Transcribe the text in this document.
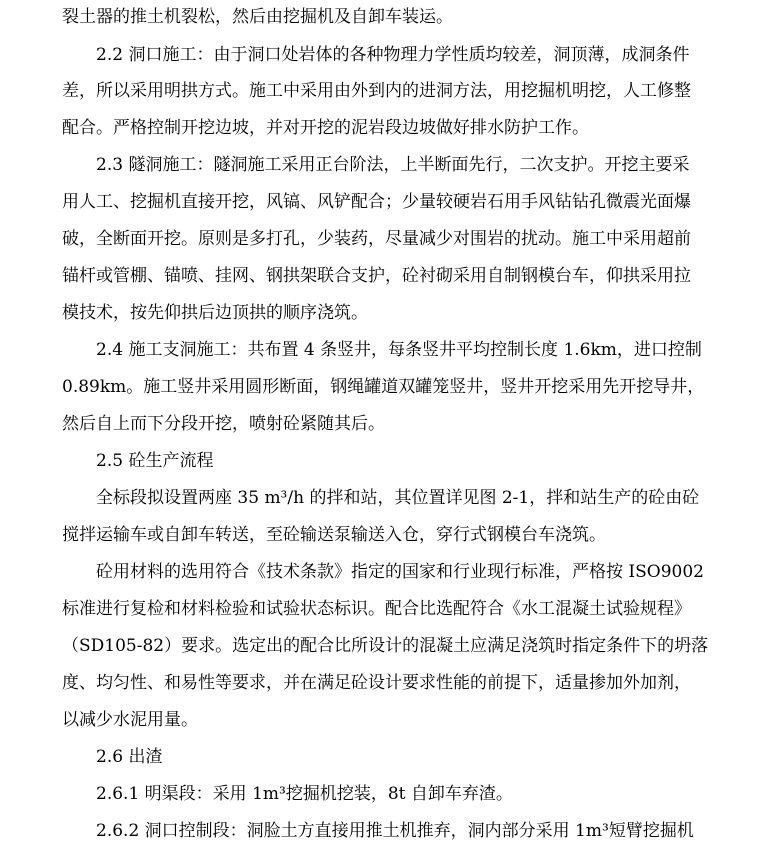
裂土器的推土机裂松，然后由挖掘机及自卸车装运。
2.2 洞口施工：由于洞口处岩体的各种物理力学性质均较差，洞顶薄，成洞条件
差，所以采用明拱方式。施工中采用由外到内的进洞方法，用挖掘机明挖，人工修整
配合。严格控制开挖边坡，并对开挖的泥岩段边坡做好排水防护工作。
2.3 隧洞施工：隧洞施工采用正台阶法，上半断面先行，二次支护。开挖主要采
用人工、挖掘机直接开挖，风镐、风铲配合；少量较硬岩石用手风钻钻孔微震光面爆
破，全断面开挖。原则是多打孔，少装药，尽量减少对围岩的扰动。施工中采用超前
锚杆或管棚、锚喷、挂网、钢拱架联合支护，砼衬砌采用自制钢模台车，仰拱采用拉
模技术，按先仰拱后边顶拱的顺序浇筑。
2.4 施工支洞施工：共布置 4 条竖井，每条竖井平均控制长度 1.6km，进口控制
0.89km。施工竖井采用圆形断面，钢绳罐道双罐笼竖井，竖井开挖采用先开挖导井，
然后自上而下分段开挖，喷射砼紧随其后。
2.5 砼生产流程
全标段拟设置两座 35 m³/h 的拌和站，其位置详见图 2-1，拌和站生产的砼由砼
搅拌运输车或自卸车转送，至砼输送泵输送入仓，穿行式钢模台车浇筑。
砼用材料的选用符合《技术条款》指定的国家和行业现行标准，严格按 ISO9002
标准进行复检和材料检验和试验状态标识。配合比选配符合《水工混凝土试验规程》
（SD105-82）要求。选定出的配合比所设计的混凝土应满足浇筑时指定条件下的坍落
度、均匀性、和易性等要求，并在满足砼设计要求性能的前提下，适量掺加外加剂，
以减少水泥用量。
2.6 出渣
2.6.1 明渠段：采用 1m³挖掘机挖装，8t 自卸车弃渣。
2.6.2 洞口控制段：洞脸土方直接用推土机推弃，洞内部分采用 1m³短臂挖掘机
